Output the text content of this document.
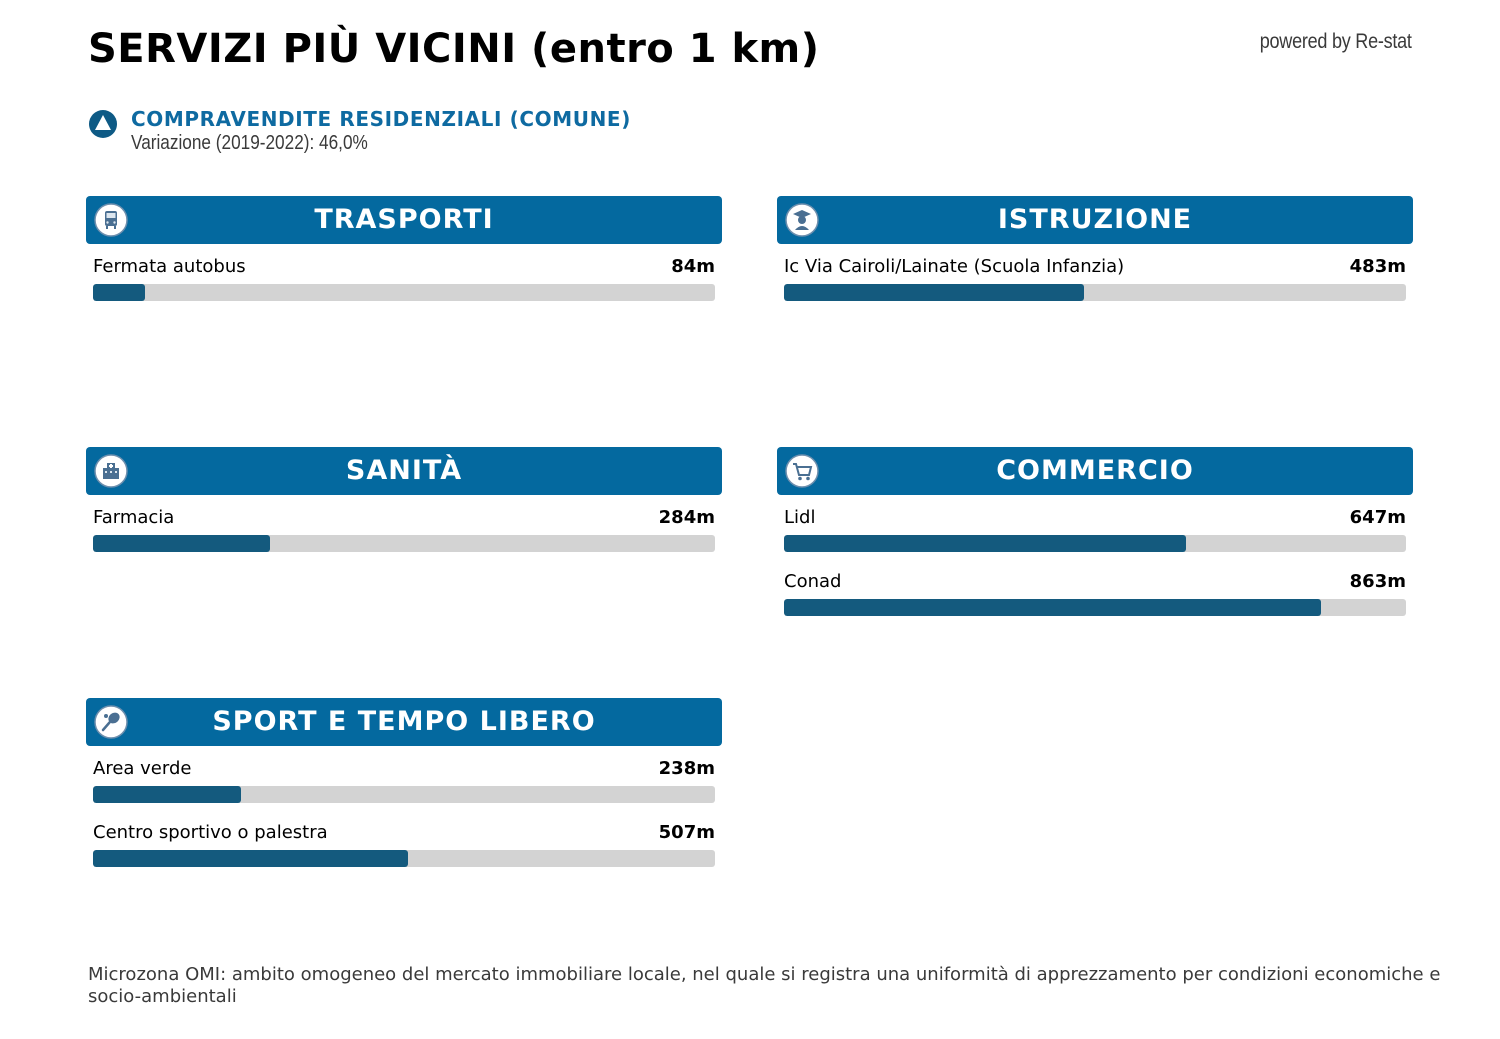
SERVIZI PIÙ VICINI (entro 1 km)	powered by Re-stat
COMPRAVENDITE RESIDENZIALI (COMUNE)
Variazione (2019-2022): 46,0%
TRASPORTI
Fermata autobus	84m
ISTRUZIONE
Ic Via Cairoli/Lainate (Scuola Infanzia)	483m
SANITÀ
Farmacia	284m
COMMERCIO
Lidl	647m
Conad	863m
SPORT E TEMPO LIBERO
Area verde	238m
Centro sportivo o palestra	507m
Microzona OMI: ambito omogeneo del mercato immobiliare locale, nel quale si registra una uniformità di apprezzamento per condizioni economiche e socio-ambientali
